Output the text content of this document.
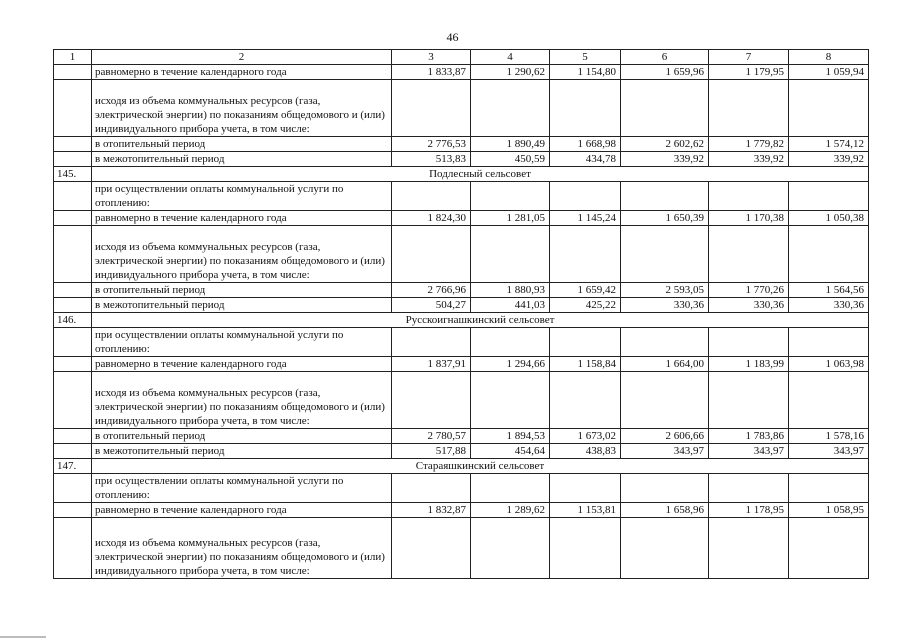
46
1	2	3	4	5	6	7	8
	равномерно в течение календарного года	1 833,87	1 290,62	1 154,80	1 659,96	1 179,95	1 059,94
	исходя из объема коммунальных ресурсов (газа, электрической энергии) по показаниям общедомового и (или) индивидуального прибора учета, в том числе:						
	в отопительный период	2 776,53	1 890,49	1 668,98	2 602,62	1 779,82	1 574,12
	в межотопительный период	513,83	450,59	434,78	339,92	339,92	339,92
145.	Подлесный сельсовет						
	при осуществлении оплаты коммунальной услуги по отоплению:						
	равномерно в течение календарного года	1 824,30	1 281,05	1 145,24	1 650,39	1 170,38	1 050,38
	исходя из объема коммунальных ресурсов (газа, электрической энергии) по показаниям общедомового и (или) индивидуального прибора учета, в том числе:						
	в отопительный период	2 766,96	1 880,93	1 659,42	2 593,05	1 770,26	1 564,56
	в межотопительный период	504,27	441,03	425,22	330,36	330,36	330,36
146.	Русскоигнашкинский сельсовет						
	при осуществлении оплаты коммунальной услуги по отоплению:						
	равномерно в течение календарного года	1 837,91	1 294,66	1 158,84	1 664,00	1 183,99	1 063,98
	исходя из объема коммунальных ресурсов (газа, электрической энергии) по показаниям общедомового и (или) индивидуального прибора учета, в том числе:						
	в отопительный период	2 780,57	1 894,53	1 673,02	2 606,66	1 783,86	1 578,16
	в межотопительный период	517,88	454,64	438,83	343,97	343,97	343,97
147.	Стараяшкинский сельсовет						
	при осуществлении оплаты коммунальной услуги по отоплению:						
	равномерно в течение календарного года	1 832,87	1 289,62	1 153,81	1 658,96	1 178,95	1 058,95
	исходя из объема коммунальных ресурсов (газа, электрической энергии) по показаниям общедомового и (или) индивидуального прибора учета, в том числе:						
